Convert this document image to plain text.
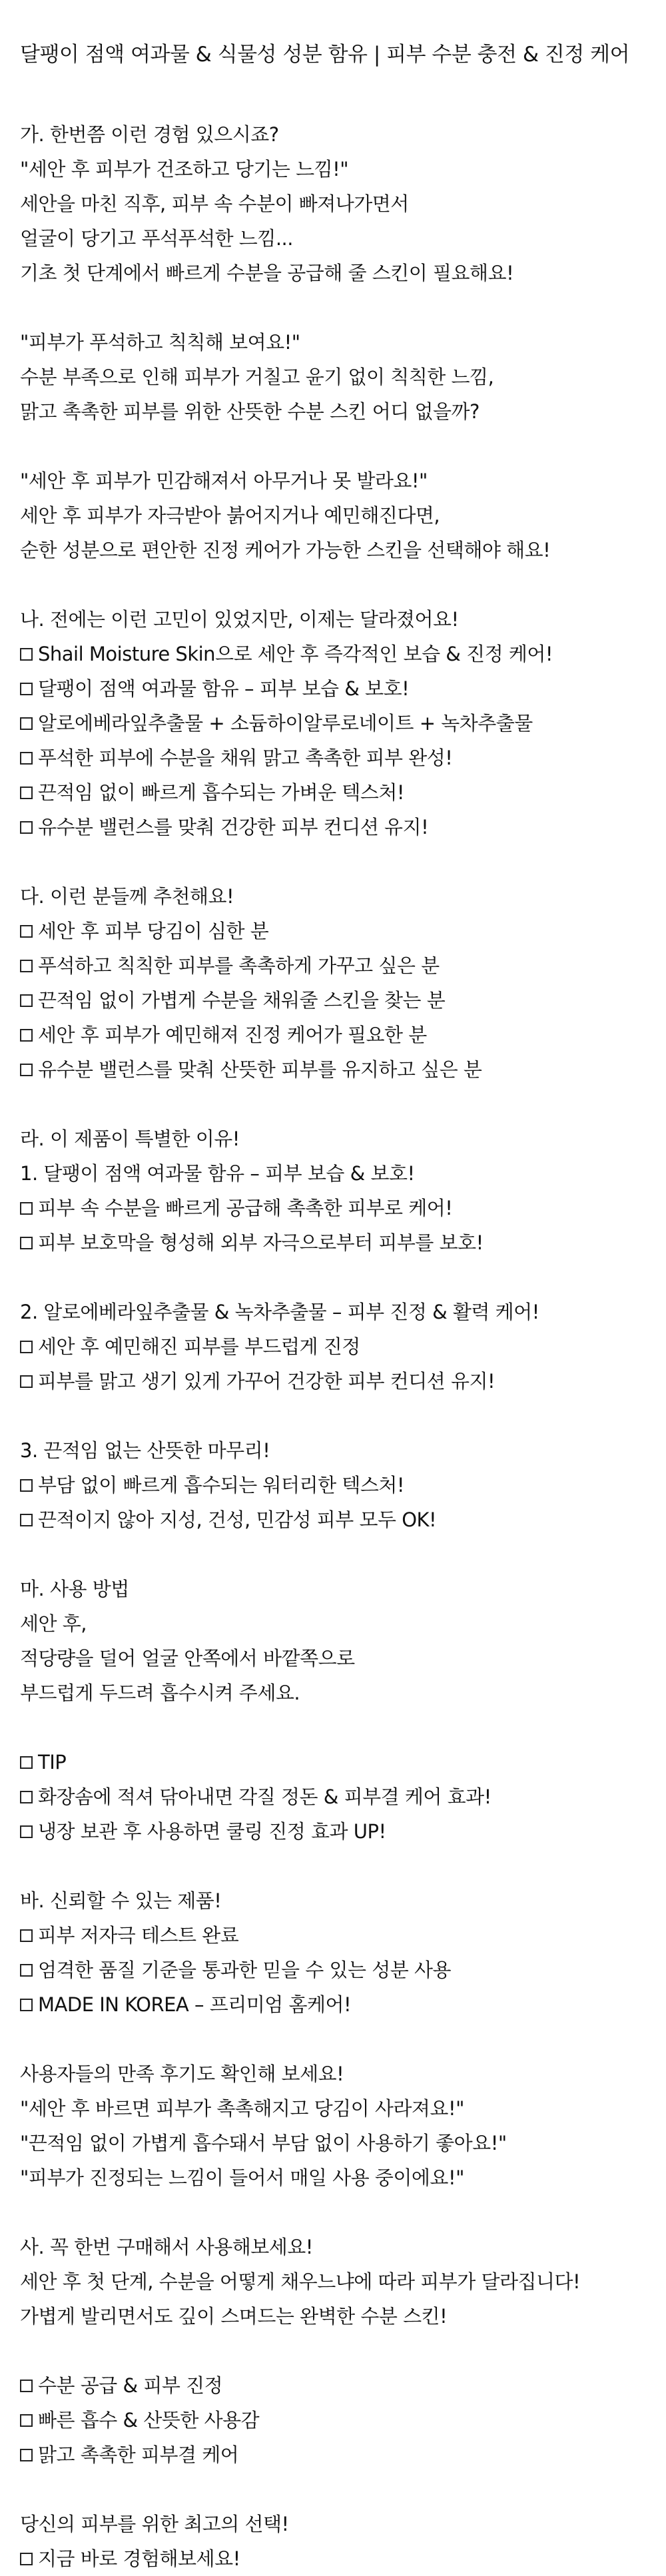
달팽이 점액 여과물 & 식물성 성분 함유 | 피부 수분 충전 & 진정 케어
가. 한번쯤 이런 경험 있으시죠?
"세안 후 피부가 건조하고 당기는 느낌!"
세안을 마친 직후, 피부 속 수분이 빠져나가면서
얼굴이 당기고 푸석푸석한 느낌...
기초 첫 단계에서 빠르게 수분을 공급해 줄 스킨이 필요해요!
"피부가 푸석하고 칙칙해 보여요!"
수분 부족으로 인해 피부가 거칠고 윤기 없이 칙칙한 느낌,
맑고 촉촉한 피부를 위한 산뜻한 수분 스킨 어디 없을까?
"세안 후 피부가 민감해져서 아무거나 못 발라요!"
세안 후 피부가 자극받아 붉어지거나 예민해진다면,
순한 성분으로 편안한 진정 케어가 가능한 스킨을 선택해야 해요!
나. 전에는 이런 고민이 있었지만, 이제는 달라졌어요!
Shail Moisture Skin으로 세안 후 즉각적인 보습 & 진정 케어!
달팽이 점액 여과물 함유 – 피부 보습 & 보호!
알로에베라잎추출물 + 소듐하이알루로네이트 + 녹차추출물
푸석한 피부에 수분을 채워 맑고 촉촉한 피부 완성!
끈적임 없이 빠르게 흡수되는 가벼운 텍스처!
유수분 밸런스를 맞춰 건강한 피부 컨디션 유지!
다. 이런 분들께 추천해요!
세안 후 피부 당김이 심한 분
푸석하고 칙칙한 피부를 촉촉하게 가꾸고 싶은 분
끈적임 없이 가볍게 수분을 채워줄 스킨을 찾는 분
세안 후 피부가 예민해져 진정 케어가 필요한 분
유수분 밸런스를 맞춰 산뜻한 피부를 유지하고 싶은 분
라. 이 제품이 특별한 이유!
1. 달팽이 점액 여과물 함유 – 피부 보습 & 보호!
피부 속 수분을 빠르게 공급해 촉촉한 피부로 케어!
피부 보호막을 형성해 외부 자극으로부터 피부를 보호!
2. 알로에베라잎추출물 & 녹차추출물 – 피부 진정 & 활력 케어!
세안 후 예민해진 피부를 부드럽게 진정
피부를 맑고 생기 있게 가꾸어 건강한 피부 컨디션 유지!
3. 끈적임 없는 산뜻한 마무리!
부담 없이 빠르게 흡수되는 워터리한 텍스처!
끈적이지 않아 지성, 건성, 민감성 피부 모두 OK!
마. 사용 방법
세안 후,
적당량을 덜어 얼굴 안쪽에서 바깥쪽으로
부드럽게 두드려 흡수시켜 주세요.
TIP
화장솜에 적셔 닦아내면 각질 정돈 & 피부결 케어 효과!
냉장 보관 후 사용하면 쿨링 진정 효과 UP!
바. 신뢰할 수 있는 제품!
피부 저자극 테스트 완료
엄격한 품질 기준을 통과한 믿을 수 있는 성분 사용
MADE IN KOREA – 프리미엄 홈케어!
사용자들의 만족 후기도 확인해 보세요!
"세안 후 바르면 피부가 촉촉해지고 당김이 사라져요!"
"끈적임 없이 가볍게 흡수돼서 부담 없이 사용하기 좋아요!"
"피부가 진정되는 느낌이 들어서 매일 사용 중이에요!"
사. 꼭 한번 구매해서 사용해보세요!
세안 후 첫 단계, 수분을 어떻게 채우느냐에 따라 피부가 달라집니다!
가볍게 발리면서도 깊이 스며드는 완벽한 수분 스킨!
수분 공급 & 피부 진정
빠른 흡수 & 산뜻한 사용감
맑고 촉촉한 피부결 케어
당신의 피부를 위한 최고의 선택!
지금 바로 경험해보세요!
